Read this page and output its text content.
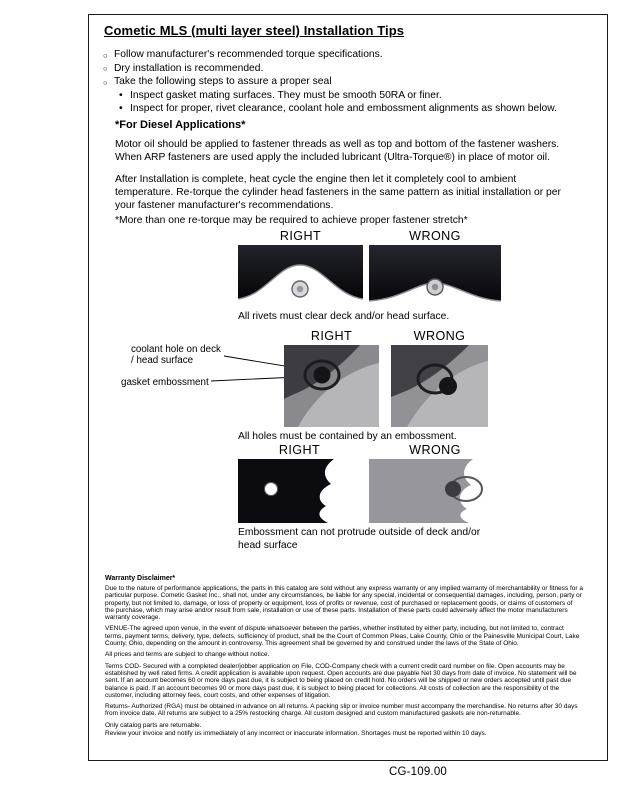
Cometic MLS (multi layer steel) Installation Tips
○ Follow manufacturer's recommended torque specifications.
○ Dry installation is recommended.
○ Take the following steps to assure a proper seal
• Inspect gasket mating surfaces. They must be smooth 50RA or finer.
• Inspect for proper, rivet clearance, coolant hole and embossment alignments as shown below.
*For Diesel Applications*
Motor oil should be applied to fastener threads as well as top and bottom of the fastener washers. When ARP fasteners are used apply the included lubricant (Ultra-Torque®) in place of motor oil.
After Installation is complete, heat cycle the engine then let it completely cool to ambient temperature. Re-torque the cylinder head fasteners in the same pattern as initial installation or per your fastener manufacturer's recommendations.
*More than one re-torque may be required to achieve proper fastener stretch*
RIGHT	WRONG
All rivets must clear deck and/or head surface.
RIGHT	WRONG
coolant hole on deck / head surface
gasket embossment
All holes must be contained by an embossment.
RIGHT	WRONG
Embossment can not protrude outside of deck and/or head surface
Warranty Disclaimer*

Due to the nature of performance applications, the parts in this catalog are sold without any express warranty or any implied warranty of merchantability or fitness for a particular purpose. Cometic Gasket Inc., shall not, under any circumstances, be liable for any special, incidental or consequential damages, including, person, party or property, but not limited to, damage, or loss of property or equipment, loss of profits or revenue, cost of purchased or replacement goods, or claims of customers of the purchase, which may arise and/or result from sale, installation or use of these parts. Installation of these parts could adversely affect the motor manufacturers warranty coverage.

VENUE-The agreed upon venue, in the event of dispute whatsoever between the parties, whether instituted by either party, including, but not limited to, contract terms, payment terms, delivery, type, defects, sufficiency of product, shall be the Court of Common Pleas, Lake County, Ohio or the Painesville Municipal Court, Lake County, Ohio, depending on the amount in controversy. This agreement shall be governed by and construed under the laws of the State of Ohio.

All prices and terms are subject to change without notice.

Terms COD- Secured with a completed dealer/jobber application on File, COD-Company check with a current credit card number on file. Open accounts may be established by well rated firms. A credit application is available upon request. Open accounts are due payable Net 30 days from date of invoice. No statement will be sent. If an account becomes 60 or more days past due, it is subject to being placed on credit hold. No orders will be shipped or new orders accepted until past due balance is paid. If an account becomes 90 or more days past due, it is subject to being placed for collections. All costs of collection are the responsibility of the customer, including attorney fees, court costs, and other expenses of litigation.

Returns- Authorized (RGA) must be obtained in advance on all returns. A packing slip or invoice number must accompany the merchandise. No returns after 30 days from invoice date. All returns are subject to a 25% restocking charge. All custom designed and custom manufactured gaskets are non-returnable.

Only catalog parts are returnable.

Review your invoice and notify us immediately of any incorrect or inaccurate information. Shortages must be reported within 10 days.

CG-109.00
